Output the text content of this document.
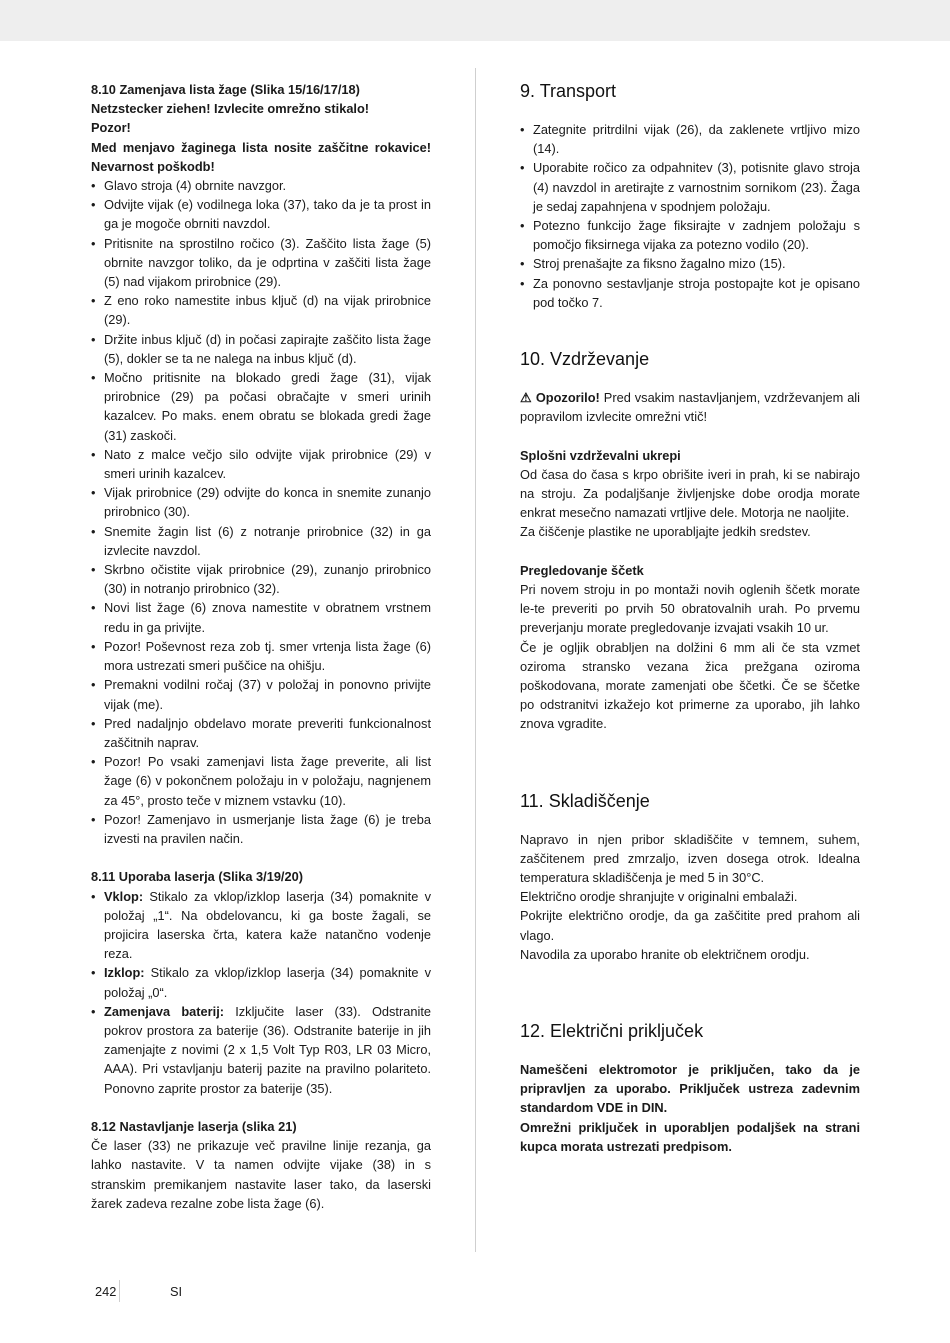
8.10 Zamenjava lista žage (Slika 15/16/17/18)

Netzstecker ziehen! Izvlecite omrežno stikalo!

Pozor!

Med menjavo žaginega lista nosite zaščitne rokavice! Nevarnost poškodb!

• Glavo stroja (4) obrnite navzgor.
• Odvijte vijak (e) vodilnega loka (37), tako da je ta prost in ga je mogoče obrniti navzdol.
• Pritisnite na sprostilno ročico (3). Zaščito lista žage (5) obrnite navzgor toliko, da je odprtina v zaščiti lista žage (5) nad vijakom prirobnice (29).
• Z eno roko namestite inbus ključ (d) na vijak prirobnice (29).
• Držite inbus ključ (d) in počasi zapirajte zaščito lista žage (5), dokler se ta ne nalega na inbus ključ (d).
• Močno pritisnite na blokado gredi žage (31), vijak prirobnice (29) pa počasi obračajte v smeri urinih kazalcev. Po maks. enem obratu se blokada gredi žage (31) zaskoči.
• Nato z malce večjo silo odvijte vijak prirobnice (29) v smeri urinih kazalcev.
• Vijak prirobnice (29) odvijte do konca in snemite zunanjo prirobnico (30).
• Snemite žagin list (6) z notranje prirobnice (32) in ga izvlecite navzdol.
• Skrbno očistite vijak prirobnice (29), zunanjo prirobnico (30) in notranjo prirobnico (32).
• Novi list žage (6) znova namestite v obratnem vrstnem redu in ga privijte.
• Pozor! Poševnost reza zob tj. smer vrtenja lista žage (6) mora ustrezati smeri puščice na ohišju.
• Premakni vodilni ročaj (37) v položaj in ponovno privijte vijak (me).
• Pred nadaljnjo obdelavo morate preveriti funkcionalnost zaščitnih naprav.
• Pozor! Po vsaki zamenjavi lista žage preverite, ali list žage (6) v pokončnem položaju in v položaju, nagnjenem za 45°, prosto teče v miznem vstavku (10).
• Pozor! Zamenjavo in usmerjanje lista žage (6) je treba izvesti na pravilen način.

8.11 Uporaba laserja (Slika 3/19/20)

• Vklop: Stikalo za vklop/izklop laserja (34) pomaknite v položaj „1“. Na obdelovancu, ki ga boste žagali, se projicira laserska črta, katera kaže natančno vodenje reza.
• Izklop: Stikalo za vklop/izklop laserja (34) pomaknite v položaj „0“.
• Zamenjava baterij: Izključite laser (33). Odstranite pokrov prostora za baterije (36). Odstranite baterije in jih zamenjajte z novimi (2 x 1,5 Volt Typ R03, LR 03 Micro, AAA). Pri vstavljanju baterij pazite na pravilno polariteto. Ponovno zaprite prostor za baterije (35).

8.12 Nastavljanje laserja (slika 21)

Če laser (33) ne prikazuje več pravilne linije rezanja, ga lahko nastavite. V ta namen odvijte vijake (38) in s stranskim premikanjem nastavite laser tako, da laserski žarek zadeva rezalne zobe lista žage (6).

9. Transport
• Zategnite pritrdilni vijak (26), da zaklenete vrtljivo mizo (14).
• Uporabite ročico za odpahnitev (3), potisnite glavo stroja (4) navzdol in aretirajte z varnostnim sornikom (23). Žaga je sedaj zapahnjena v spodnjem položaju.
• Potezno funkcijo žage fiksirajte v zadnjem položaju s pomočjo fiksirnega vijaka za potezno vodilo (20).
• Stroj prenašajte za fiksno žagalno mizo (15).
• Za ponovno sestavljanje stroja postopajte kot je opisano pod točko 7.
10. Vzdrževanje

⚠ Opozorilo! Pred vsakim nastavljanjem, vzdrževanjem ali popravilom izvlecite omrežni vtič!

Splošni vzdrževalni ukrepi

Od časa do časa s krpo obrišite iveri in prah, ki se nabirajo na stroju. Za podaljšanje življenjske dobe orodja morate enkrat mesečno namazati vrtljive dele. Motorja ne naoljite.

Za čiščenje plastike ne uporabljajte jedkih sredstev.

Pregledovanje ščetk

Pri novem stroju in po montaži novih oglenih ščetk morate le-te preveriti po prvih 50 obratovalnih urah. Po prvemu preverjanju morate pregledovanje izvajati vsakih 10 ur.

Če je ogljik obrabljen na dolžini 6 mm ali če sta vzmet oziroma stransko vezana žica prežgana oziroma poškodovana, morate zamenjati obe ščetki. Če se ščetke po odstranitvi izkažejo kot primerne za uporabo, jih lahko znova vgradite.

11. Skladiščenje

Napravo in njen pribor skladiščite v temnem, suhem, zaščitenem pred zmrzaljo, izven dosega otrok. Idealna temperatura skladiščenja je med 5 in 30°C.

Električno orodje shranjujte v originalni embalaži.

Pokrijte električno orodje, da ga zaščitite pred prahom ali vlago.

Navodila za uporabo hranite ob električnem orodju.

12. Električni priključek

Nameščeni elektromotor je priključen, tako da je pripravljen za uporabo. Priključek ustreza zadevnim standardom VDE in DIN.

Omrežni priključek in uporabljen podaljšek na strani kupca morata ustrezati predpisom.

242	SI
